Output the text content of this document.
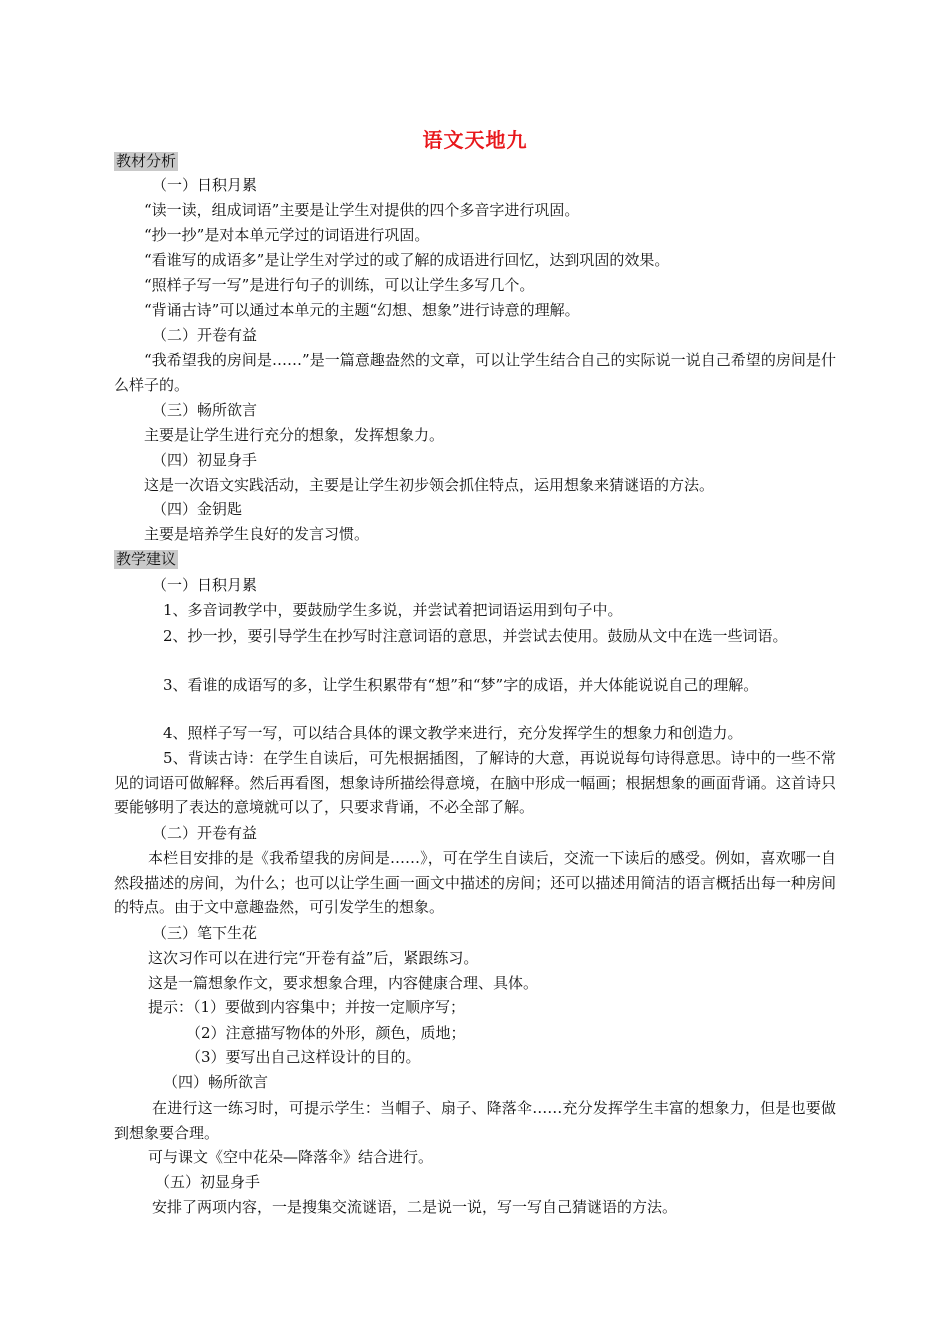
语文天地九
教材分析
（一）日积月累
“读一读，组成词语”主要是让学生对提供的四个多音字进行巩固。
“抄一抄”是对本单元学过的词语进行巩固。
“看谁写的成语多”是让学生对学过的或了解的成语进行回忆，达到巩固的效果。
“照样子写一写”是进行句子的训练，可以让学生多写几个。
“背诵古诗”可以通过本单元的主题“幻想、想象”进行诗意的理解。
（二）开卷有益

“我希望我的房间是……”是一篇意趣盎然的文章，可以让学生结合自己的实际说一说自己希望的房间是什么样子的。

（三）畅所欲言
主要是让学生进行充分的想象，发挥想象力。
（四）初显身手
这是一次语文实践活动，主要是让学生初步领会抓住特点，运用想象来猜谜语的方法。
（四）金钥匙
主要是培养学生良好的发言习惯。
教学建议
（一）日积月累
1、多音词教学中，要鼓励学生多说，并尝试着把词语运用到句子中。

2、抄一抄，要引导学生在抄写时注意词语的意思，并尝试去使用。鼓励从文中在选一些词语。

3、看谁的成语写的多，让学生积累带有“想”和“梦”字的成语，并大体能说说自己的理解。

4、照样子写一写，可以结合具体的课文教学来进行，充分发挥学生的想象力和创造力。

5、背读古诗：在学生自读后，可先根据插图，了解诗的大意，再说说每句诗得意思。诗中的一些不常见的词语可做解释。然后再看图，想象诗所描绘得意境，在脑中形成一幅画；根据想象的画面背诵。这首诗只要能够明了表达的意境就可以了，只要求背诵，不必全部了解。

（二）开卷有益

本栏目安排的是《我希望我的房间是……》，可在学生自读后，交流一下读后的感受。例如，喜欢哪一自然段描述的房间，为什么；也可以让学生画一画文中描述的房间；还可以描述用简洁的语言概括出每一种房间的特点。由于文中意趣盎然，可引发学生的想象。

（三）笔下生花
这次习作可以在进行完“开卷有益”后，紧跟练习。
这是一篇想象作文，要求想象合理，内容健康合理、具体。
提示：（1）要做到内容集中；并按一定顺序写；
（2）注意描写物体的外形，颜色，质地；
（3）要写出自己这样设计的目的。
（四）畅所欲言

在进行这一练习时，可提示学生：当帽子、扇子、降落伞……充分发挥学生丰富的想象力，但是也要做到想象要合理。

可与课文《空中花朵—降落伞》结合进行。
（五）初显身手
安排了两项内容，一是搜集交流谜语，二是说一说，写一写自己猜谜语的方法。
